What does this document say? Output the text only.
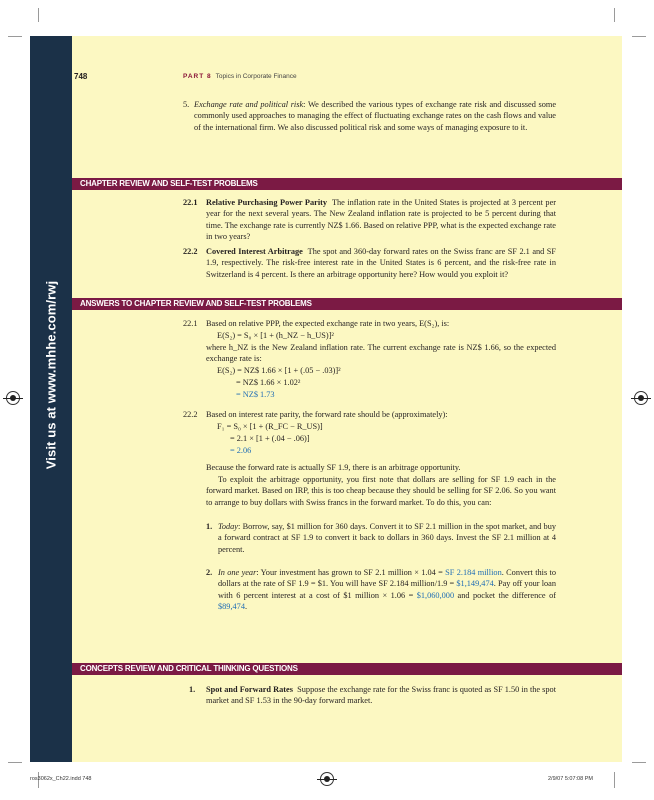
Visit us at www.mhhe.com/rwj
748	PART 8 Topics in Corporate Finance
5. Exchange rate and political risk: We described the various types of exchange rate risk and discussed some commonly used approaches to managing the effect of fluctuating exchange rates on the cash flows and value of the international firm. We also discussed political risk and some ways of managing exposure to it.
CHAPTER REVIEW AND SELF-TEST PROBLEMS
22.1 Relative Purchasing Power Parity The inflation rate in the United States is projected at 3 percent per year for the next several years. The New Zealand inflation rate is projected to be 5 percent during that time. The exchange rate is currently NZ$ 1.66. Based on relative PPP, what is the expected exchange rate in two years?
22.2 Covered Interest Arbitrage The spot and 360-day forward rates on the Swiss franc are SF 2.1 and SF 1.9, respectively. The risk-free interest rate in the United States is 6 percent, and the risk-free rate in Switzerland is 4 percent. Is there an arbitrage opportunity here? How would you exploit it?
ANSWERS TO CHAPTER REVIEW AND SELF-TEST PROBLEMS
22.1 Based on relative PPP, the expected exchange rate in two years, E(S₂), is:
E(S₂) = S₀ × [1 + (h_NZ − h_US)]²
where h_NZ is the New Zealand inflation rate. The current exchange rate is NZ$ 1.66, so the expected exchange rate is:
E(S₂) = NZ$ 1.66 × [1 + (.05 − .03)]²
= NZ$ 1.66 × 1.02²
= NZ$ 1.73
22.2 Based on interest rate parity, the forward rate should be (approximately):
F₁ = S₀ × [1 + (R_FC − R_US)]
= 2.1 × [1 + (.04 − .06)]
= 2.06
Because the forward rate is actually SF 1.9, there is an arbitrage opportunity.
To exploit the arbitrage opportunity, you first note that dollars are selling for SF 1.9 each in the forward market. Based on IRP, this is too cheap because they should be selling for SF 2.06. So you want to arrange to buy dollars with Swiss francs in the forward market. To do this, you can:
1. Today: Borrow, say, $1 million for 360 days. Convert it to SF 2.1 million in the spot market, and buy a forward contract at SF 1.9 to convert it back to dollars in 360 days. Invest the SF 2.1 million at 4 percent.
2. In one year: Your investment has grown to SF 2.1 million × 1.04 = SF 2.184 million. Convert this to dollars at the rate of SF 1.9 = $1. You will have SF 2.184 million/1.9 = $1,149,474. Pay off your loan with 6 percent interest at a cost of $1 million × 1.06 = $1,060,000 and pocket the difference of $89,474.
CONCEPTS REVIEW AND CRITICAL THINKING QUESTIONS
1. Spot and Forward Rates Suppose the exchange rate for the Swiss franc is quoted as SF 1.50 in the spot market and SF 1.53 in the 90-day forward market.
ros3062x_Ch22.indd 748	2/9/07 5:07:08 PM
